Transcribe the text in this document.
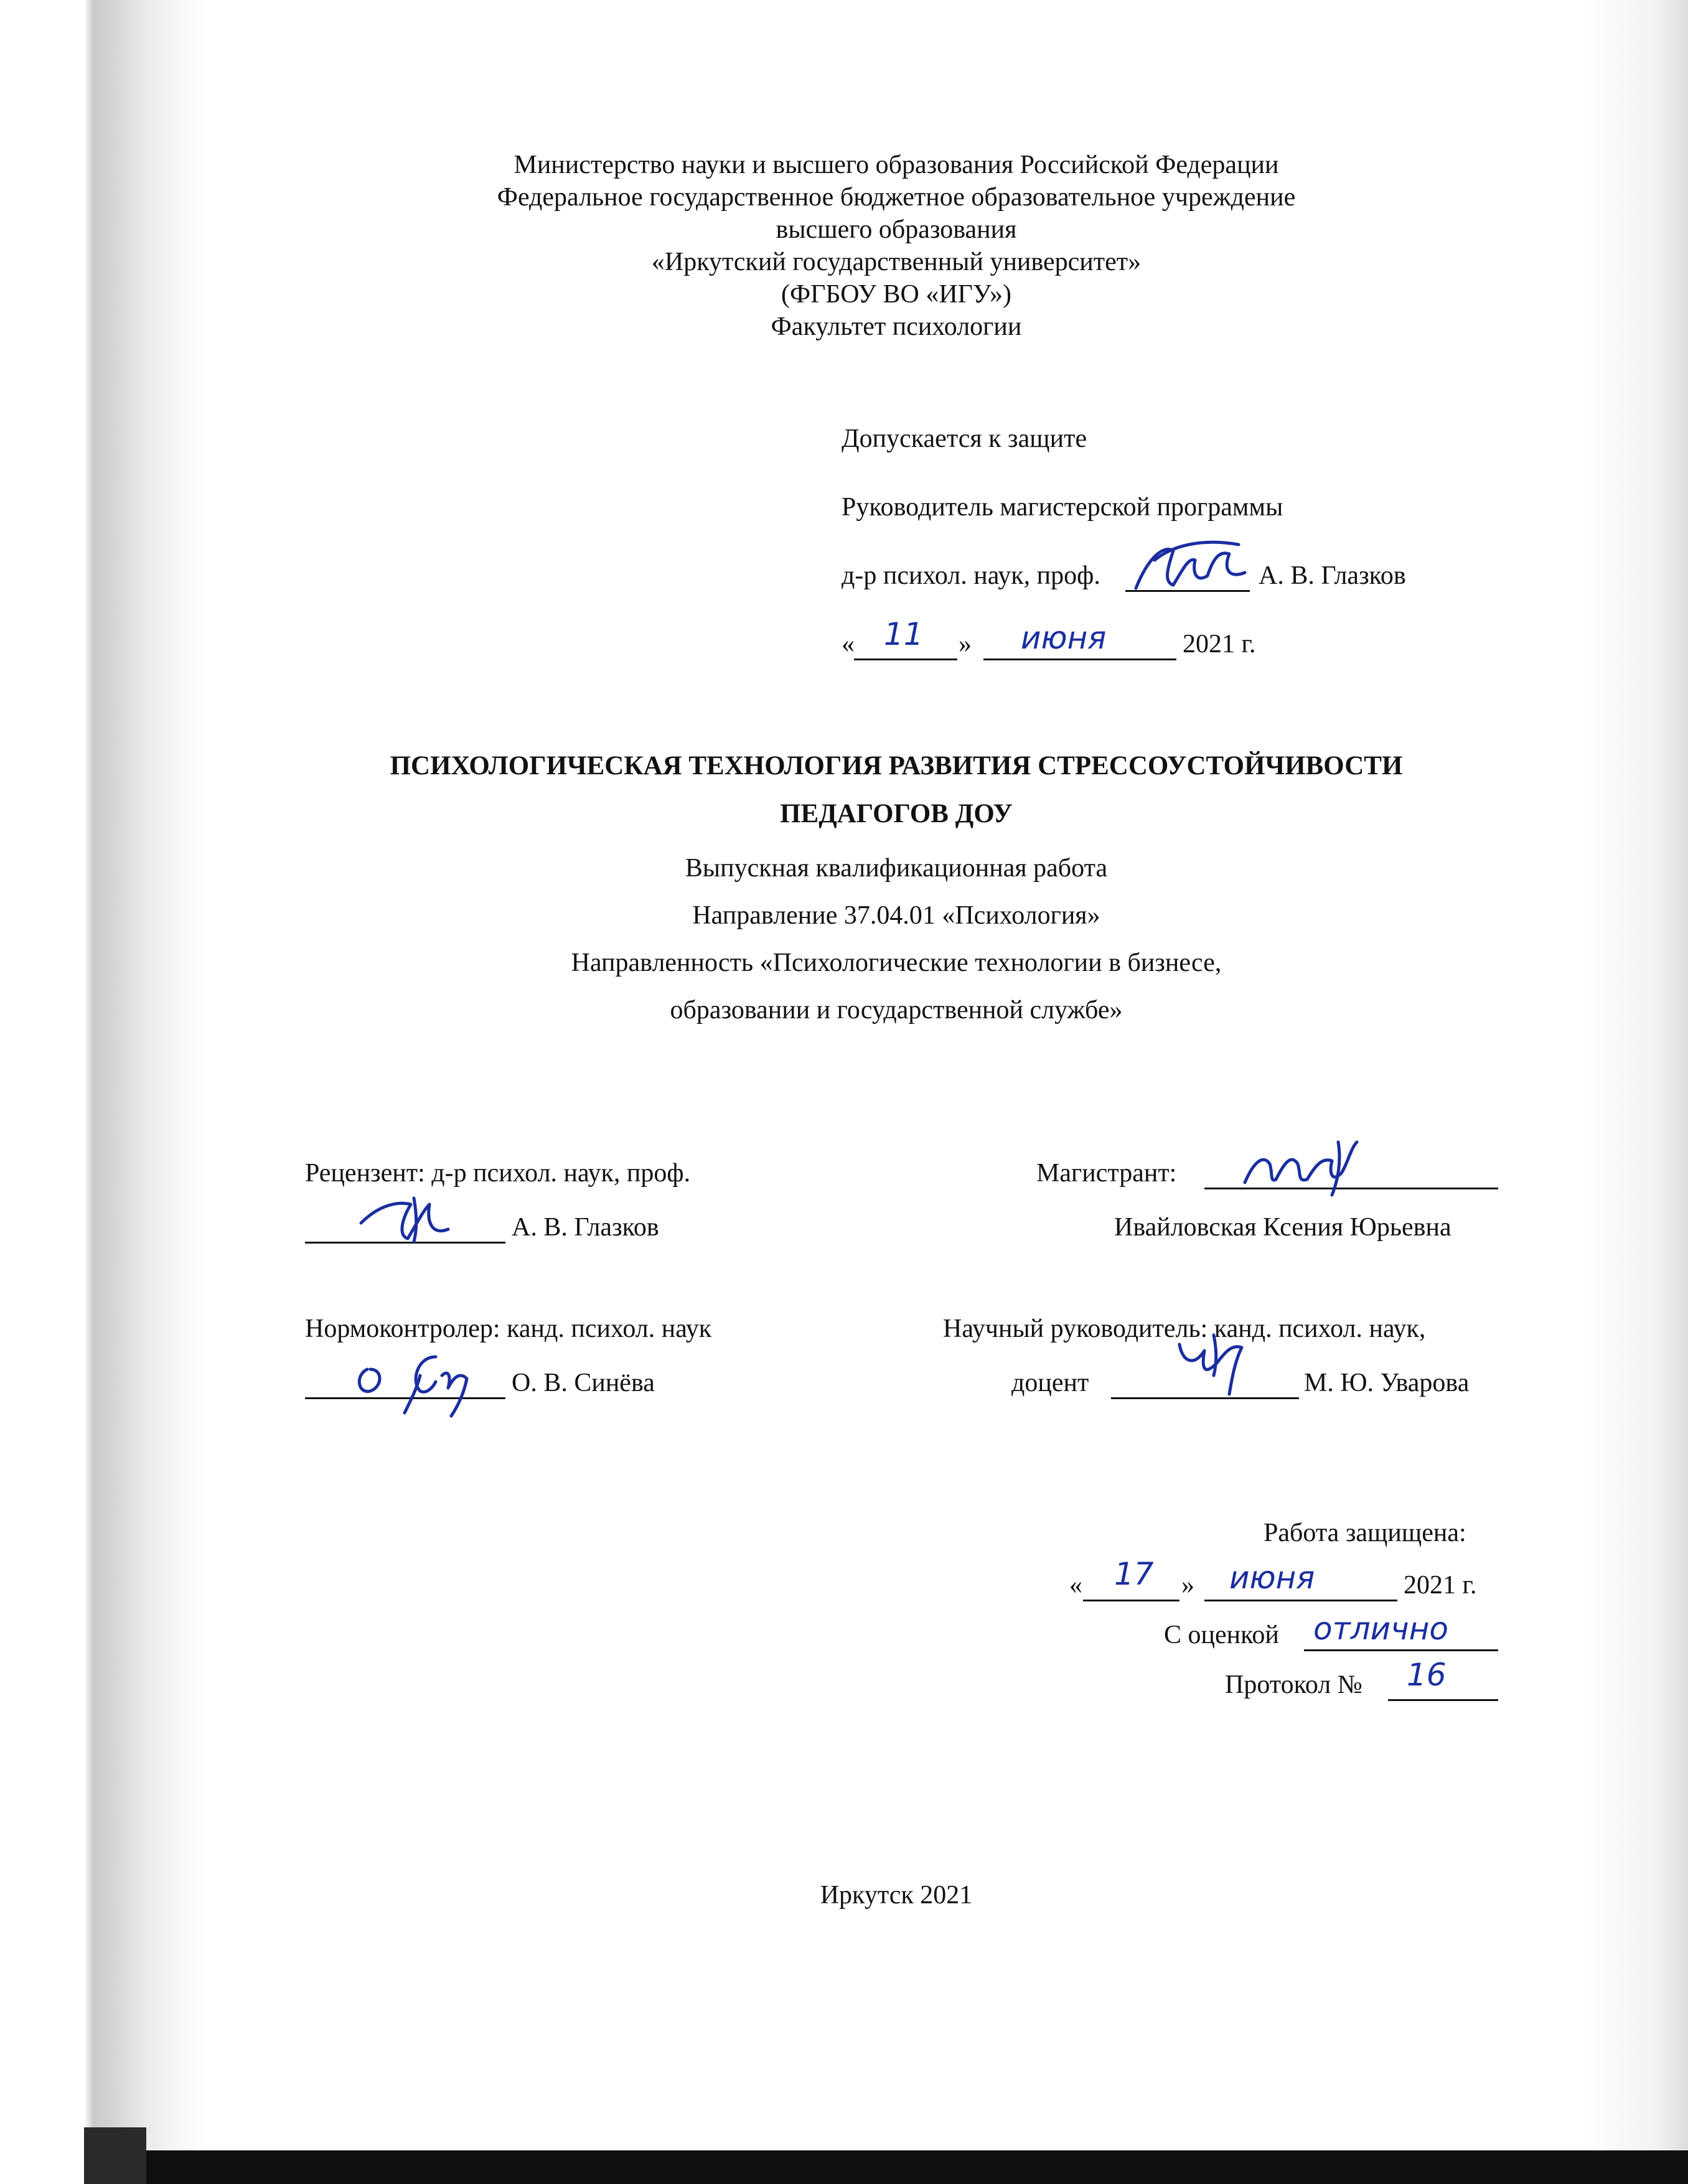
Министерство науки и высшего образования Российской Федерации
Федеральное государственное бюджетное образовательное учреждение
высшего образования
«Иркутский государственный университет»
(ФГБОУ ВО «ИГУ»)
Факультет психологии
Допускается к защите
Руководитель магистерской программы
д-р психол. наук, проф.	А. В. Глазков
« 11 » июня	2021 г.
ПСИХОЛОГИЧЕСКАЯ ТЕХНОЛОГИЯ РАЗВИТИЯ СТРЕССОУСТОЙЧИВОСТИ
ПЕДАГОГОВ ДОУ
Выпускная квалификационная работа
Направление 37.04.01 «Психология»
Направленность «Психологические технологии в бизнесе,
образовании и государственной службе»
Рецензент: д-р психол. наук, проф.
А. В. Глазков
Магистрант:
Ивайловская Ксения Юрьевна
Нормоконтролер: канд. психол. наук
О. В. Синёва
Научный руководитель: канд. психол. наук,
доцент	М. Ю. Уварова
Работа защищена:
« 17 » июня	2021 г.
С оценкой отлично
Протокол № 16
Иркутск 2021
